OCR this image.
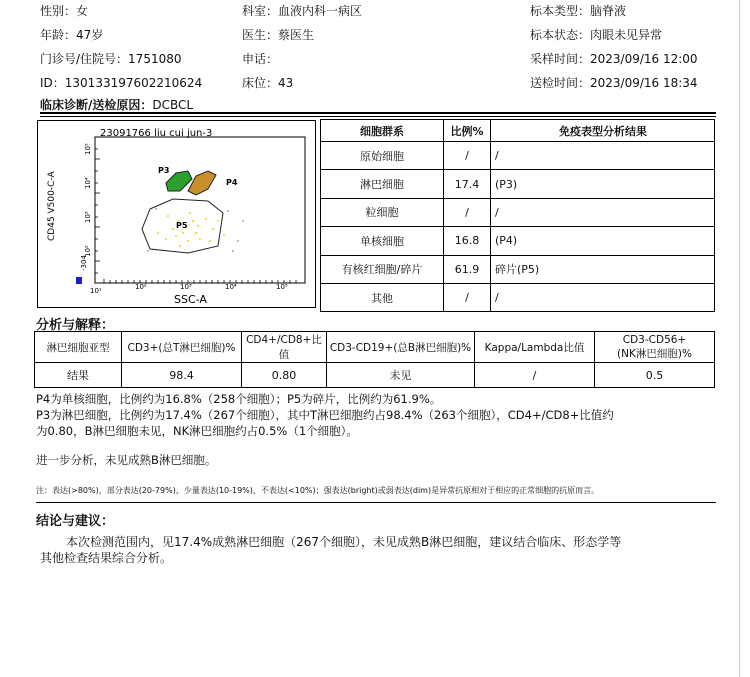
性别：女
年龄：47岁
门诊号/住院号：1751080
ID：130133197602210624
科室：血液内科一病区
医生：蔡医生
申话：
床位：43
标本类型：脑脊液
标本状态：肉眼未见异常
采样时间：2023/09/16 12:00
送检时间：2023/09/16 18:34
临床诊断/送检原因：DCBCL
23091766 liu cui jun-3
CD45 V500-C-A
-304
10²
10³
10⁴
10⁵
10¹	10²	10³	10⁴	10⁵
SSC-A
P5
P3
P4
细胞群系	比例%	免疫表型分析结果
原始细胞	/	/
淋巴细胞	17.4	(P3)
粒细胞	/	/
单核细胞	16.8	(P4)
有核红细胞/碎片	61.9	碎片(P5)
其他	/	/
分析与解释：
淋巴细胞亚型	CD3+(总T淋巴细胞)%	CD4+/CD8+比值	CD3-CD19+(总B淋巴细胞)%	Kappa/Lambda比值	CD3-CD56+
(NK淋巴细胞)%

结果	98.4	0.80	未见	/	0.5
P4为单核细胞，比例约为16.8%（258个细胞）；P5为碎片，比例约为61.9%。
P3为淋巴细胞，比例约为17.4%（267个细胞），其中T淋巴细胞约占98.4%（263个细胞），CD4+/CD8+比值约
为0.80，B淋巴细胞未见，NK淋巴细胞约占0.5%（1个细胞）。
进一步分析，未见成熟B淋巴细胞。
注：表达(>80%)，部分表达(20-79%)，少量表达(10-19%)，不表达(<10%)；强表达(bright)或弱表达(dim)是异常抗原相对于相应的正常细胞的抗原而言。
结论与建议：
本次检测范围内，见17.4%成熟淋巴细胞（267个细胞），未见成熟B淋巴细胞，建议结合临床、形态学等
其他检查结果综合分析。
